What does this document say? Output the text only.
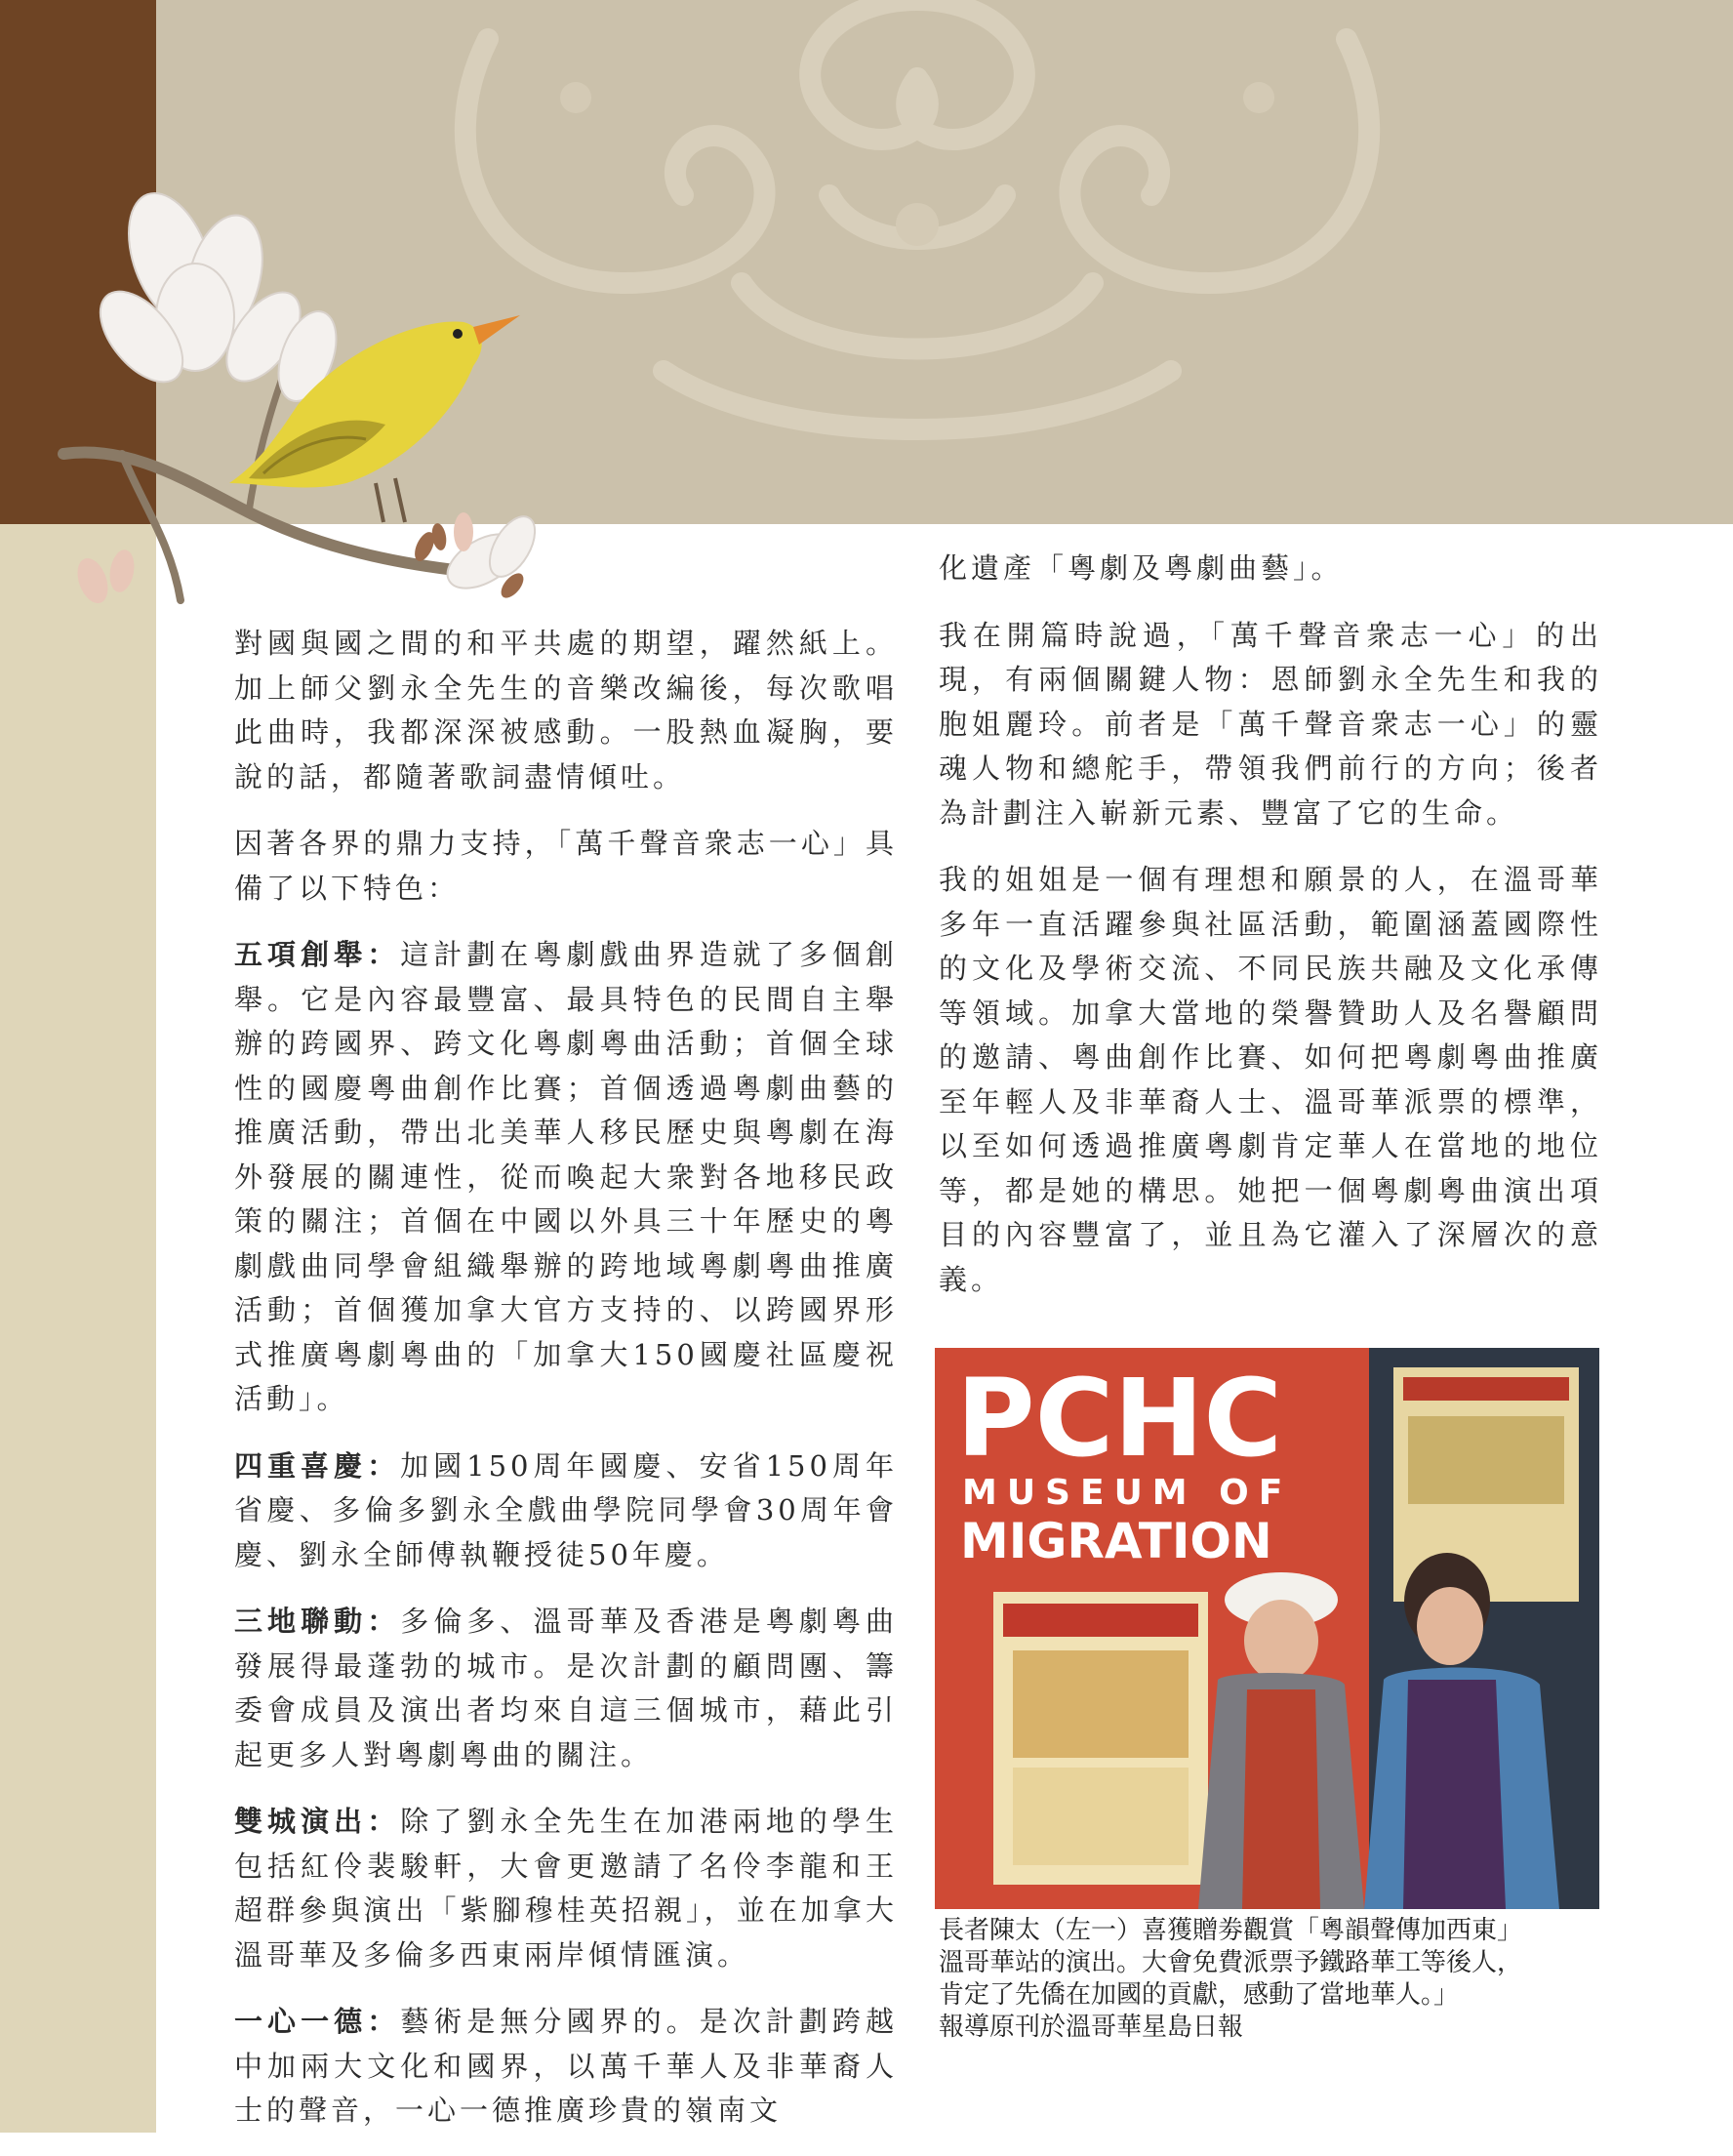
對國與國之間的和平共處的期望，躍然紙上。加上師父劉永全先生的音樂改編後，每次歌唱此曲時，我都深深被感動。一股熱血凝胸，要說的話，都隨著歌詞盡情傾吐。

因著各界的鼎力支持，「萬千聲音衆志一心」具備了以下特色：

五項創舉：這計劃在粵劇戲曲界造就了多個創舉。它是內容最豐富、最具特色的民間自主舉辦的跨國界、跨文化粵劇粵曲活動；首個全球性的國慶粵曲創作比賽；首個透過粵劇曲藝的推廣活動，帶出北美華人移民歷史與粵劇在海外發展的關連性，從而喚起大衆對各地移民政策的關注；首個在中國以外具三十年歷史的粵劇戲曲同學會組織舉辦的跨地域粵劇粵曲推廣活動；首個獲加拿大官方支持的、以跨國界形式推廣粵劇粵曲的「加拿大150國慶社區慶祝活動」。

四重喜慶：加國150周年國慶、安省150周年省慶、多倫多劉永全戲曲學院同學會30周年會慶、劉永全師傅執鞭授徒50年慶。

三地聯動：多倫多、溫哥華及香港是粵劇粵曲發展得最蓬勃的城市。是次計劃的顧問團、籌委會成員及演出者均來自這三個城市，藉此引起更多人對粵劇粵曲的關注。

雙城演出：除了劉永全先生在加港兩地的學生包括紅伶裴駿軒，大會更邀請了名伶李龍和王超群參與演出「紫腳穆桂英招親」，並在加拿大溫哥華及多倫多西東兩岸傾情匯演。

一心一德：藝術是無分國界的。是次計劃跨越中加兩大文化和國界，以萬千華人及非華裔人士的聲音，一心一德推廣珍貴的嶺南文

化遺產「粵劇及粵劇曲藝」。

我在開篇時說過，「萬千聲音衆志一心」的出現，有兩個關鍵人物：恩師劉永全先生和我的胞姐麗玲。前者是「萬千聲音衆志一心」的靈魂人物和總舵手，帶領我們前行的方向；後者為計劃注入嶄新元素、豐富了它的生命。

我的姐姐是一個有理想和願景的人，在溫哥華多年一直活躍參與社區活動，範圍涵蓋國際性的文化及學術交流、不同民族共融及文化承傳等領域。加拿大當地的榮譽贊助人及名譽顧問的邀請、粵曲創作比賽、如何把粵劇粵曲推廣至年輕人及非華裔人士、溫哥華派票的標準，以至如何透過推廣粵劇肯定華人在當地的地位等，都是她的構思。她把一個粵劇粵曲演出項目的內容豐富了，並且為它灌入了深層次的意義。

PCHC
MUSEUM OF
MIGRATION
長者陳太（左一）喜獲贈劵觀賞「粵韻聲傳加西東」
溫哥華站的演出。大會免費派票予鐵路華工等後人，
肯定了先僑在加國的貢獻，感動了當地華人。」
報導原刊於溫哥華星島日報
